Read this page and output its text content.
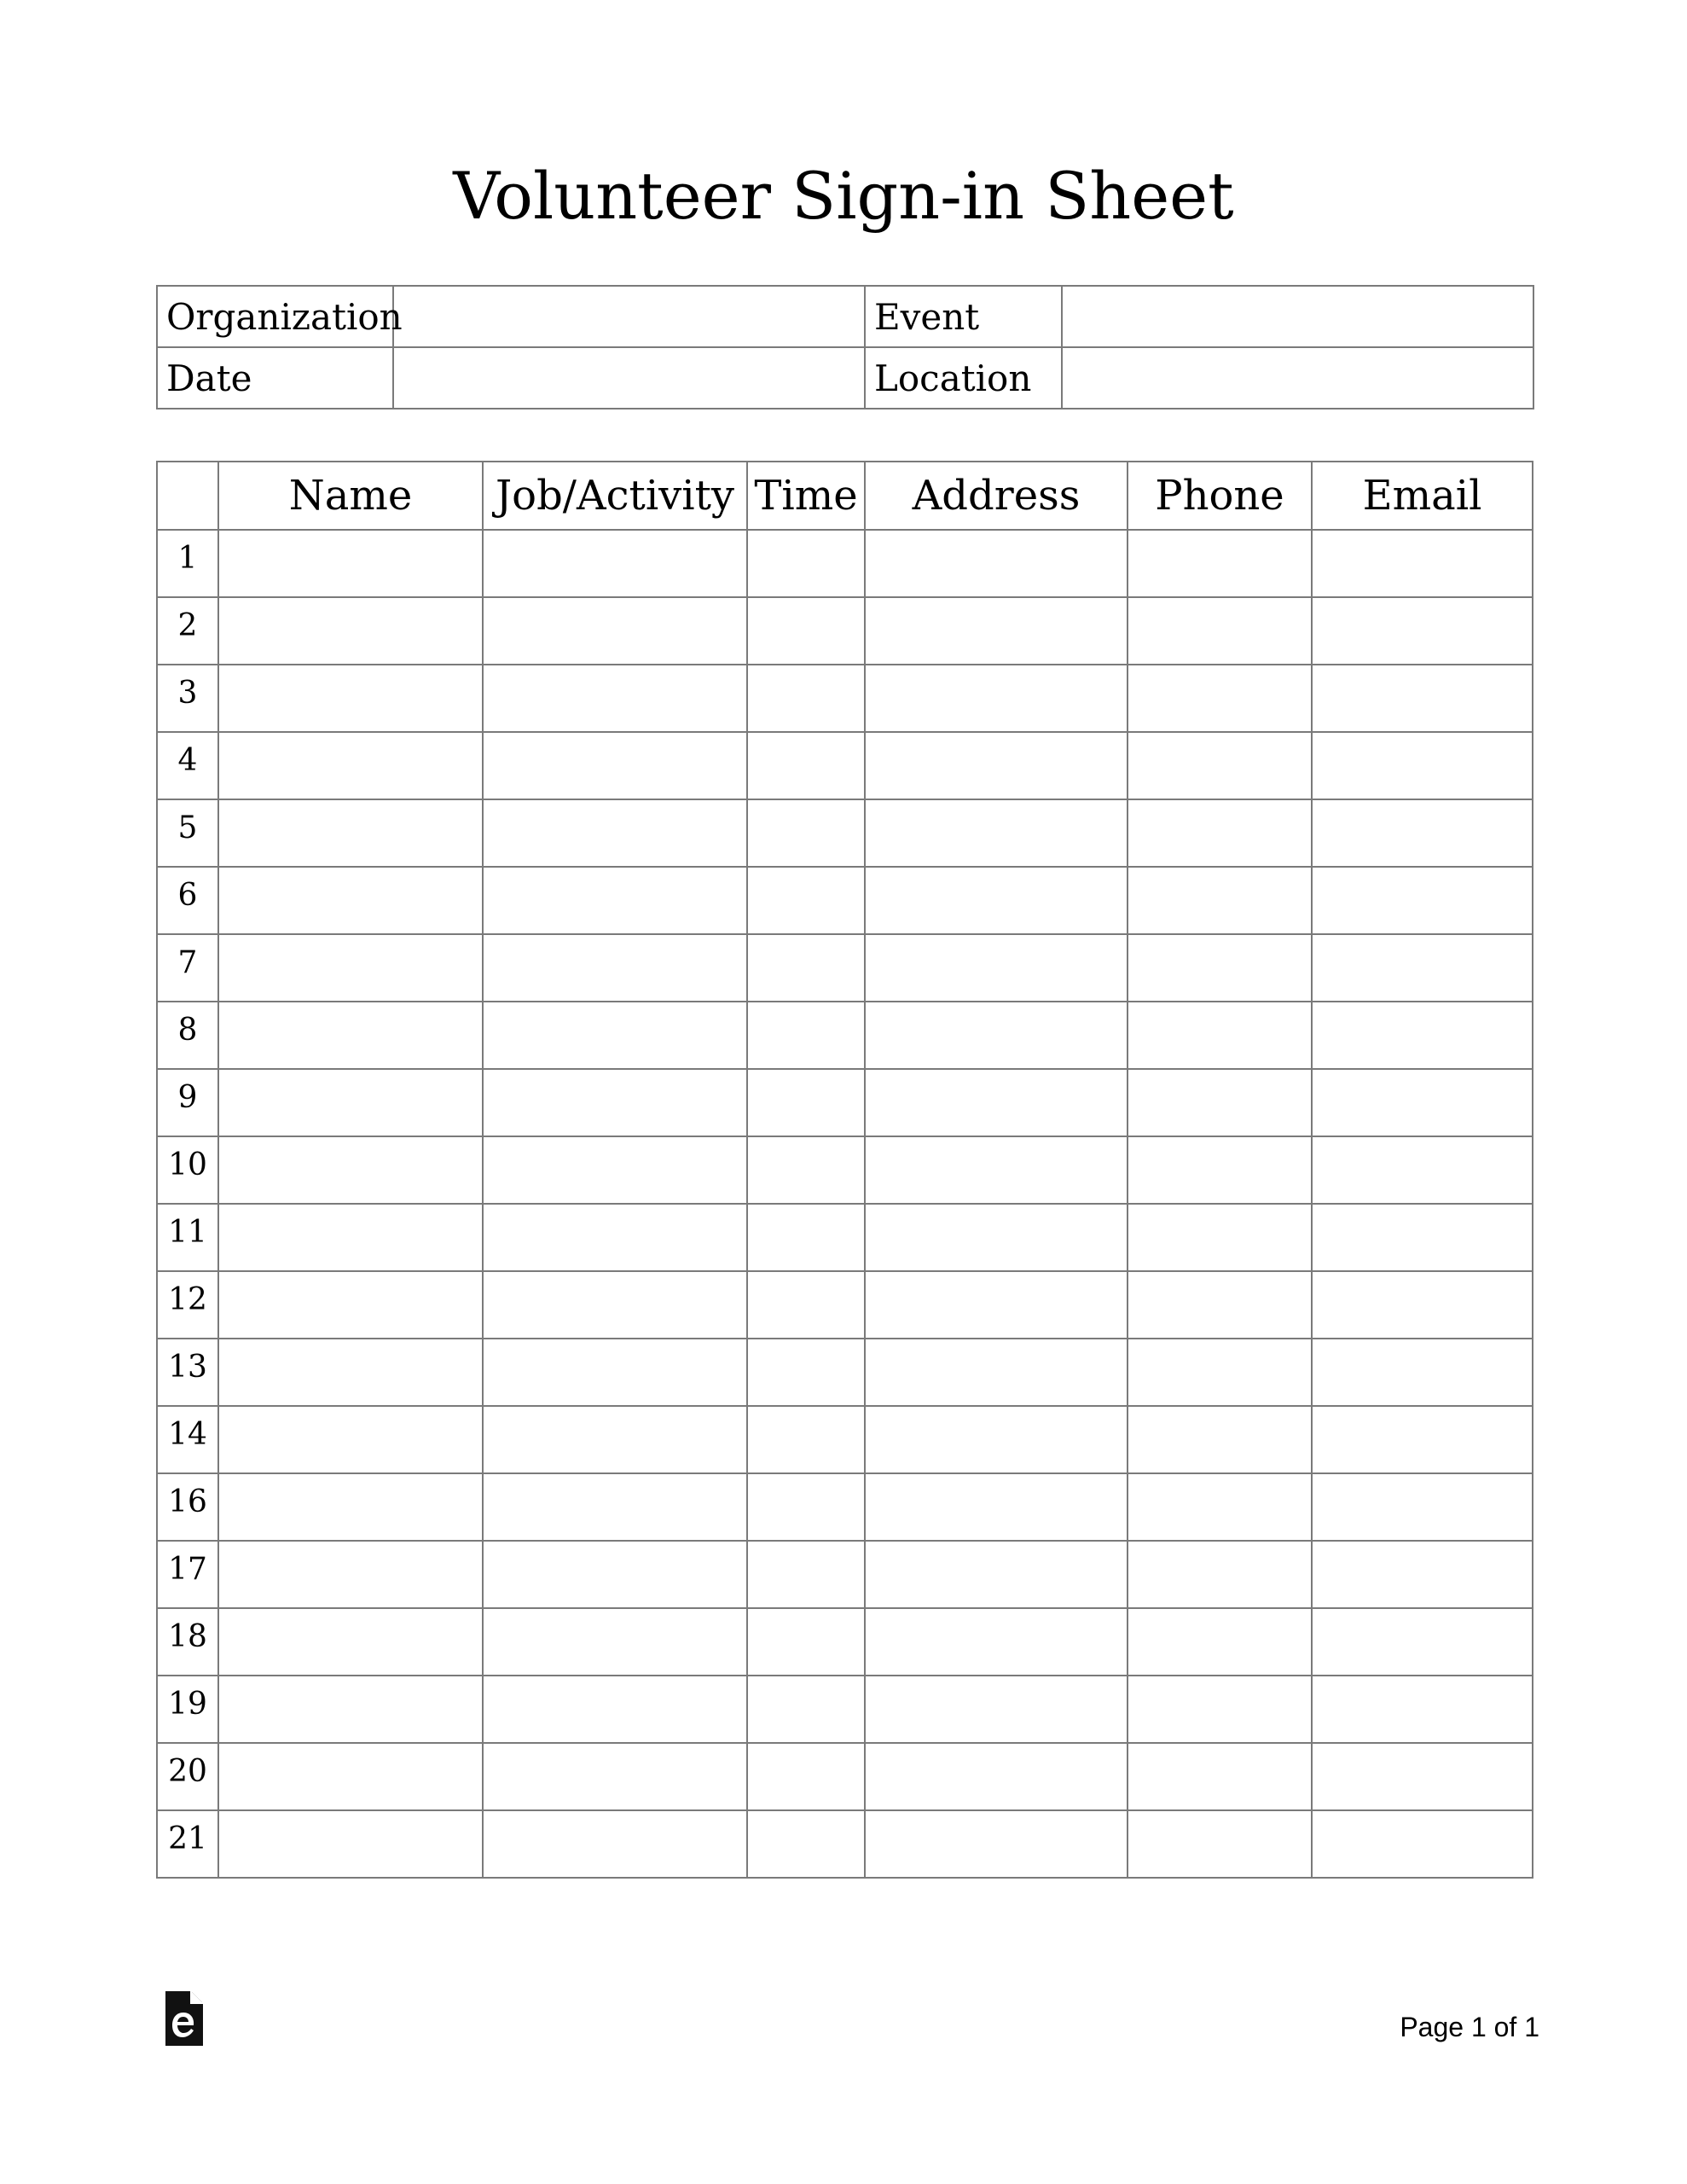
Volunteer Sign-in Sheet
Organization		Event	
Date		Location	
	Name	Job/Activity	Time	Address	Phone	Email
1						
2						
3						
4						
5						
6						
7						
8						
9						
10						
11						
12						
13						
14						
16						
17						
18						
19						
20						
21						
Page 1 of 1
